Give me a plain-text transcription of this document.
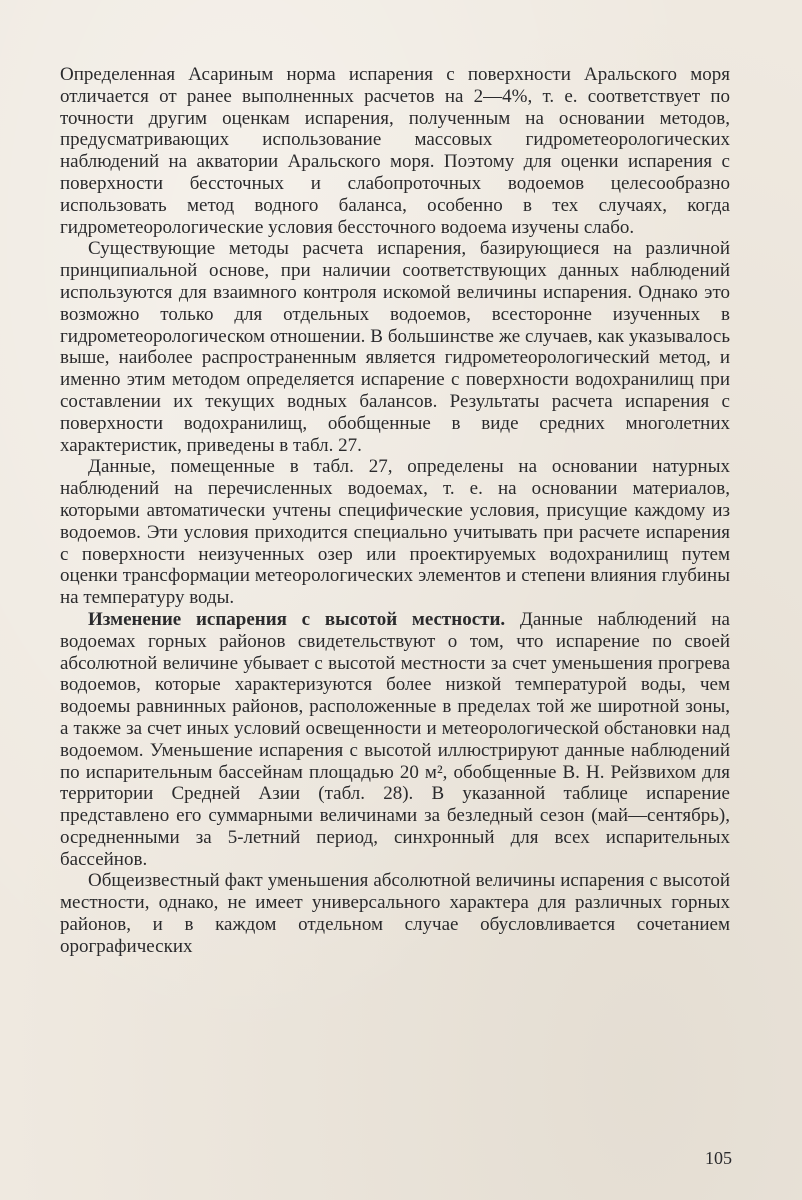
Определенная Асариным норма испарения с поверхности Аральского моря отличается от ранее выполненных расчетов на 2—4%, т. е. соответствует по точности другим оценкам испарения, полученным на основании методов, предусматривающих использование массовых гидрометеорологических наблюдений на акватории Аральского моря. Поэтому для оценки испарения с поверхности бессточных и слабопроточных водоемов целесообразно использовать метод водного баланса, особенно в тех случаях, когда гидрометеорологические условия бессточного водоема изучены слабо.

Существующие методы расчета испарения, базирующиеся на различной принципиальной основе, при наличии соответствующих данных наблюдений используются для взаимного контроля искомой величины испарения. Однако это возможно только для отдельных водоемов, всесторонне изученных в гидрометеорологическом отношении. В большинстве же случаев, как указывалось выше, наиболее распространенным является гидрометеорологический метод, и именно этим методом определяется испарение с поверхности водохранилищ при составлении их текущих водных балансов. Результаты расчета испарения с поверхности водохранилищ, обобщенные в виде средних многолетних характеристик, приведены в табл. 27.

Данные, помещенные в табл. 27, определены на основании натурных наблюдений на перечисленных водоемах, т. е. на основании материалов, которыми автоматически учтены специфические условия, присущие каждому из водоемов. Эти условия приходится специально учитывать при расчете испарения с поверхности неизученных озер или проектируемых водохранилищ путем оценки трансформации метеорологических элементов и степени влияния глубины на температуру воды.

Изменение испарения с высотой местности. Данные наблюдений на водоемах горных районов свидетельствуют о том, что испарение по своей абсолютной величине убывает с высотой местности за счет уменьшения прогрева водоемов, которые характеризуются более низкой температурой воды, чем водоемы равнинных районов, расположенные в пределах той же широтной зоны, а также за счет иных условий освещенности и метеорологической обстановки над водоемом. Уменьшение испарения с высотой иллюстрируют данные наблюдений по испарительным бассейнам площадью 20 м², обобщенные В. Н. Рейзвихом для территории Средней Азии (табл. 28). В указанной таблице испарение представлено его суммарными величинами за безледный сезон (май—сентябрь), осредненными за 5-летний период, синхронный для всех испарительных бассейнов.

Общеизвестный факт уменьшения абсолютной величины испарения с высотой местности, однако, не имеет универсального характера для различных горных районов, и в каждом отдельном случае обусловливается сочетанием орографических

105
